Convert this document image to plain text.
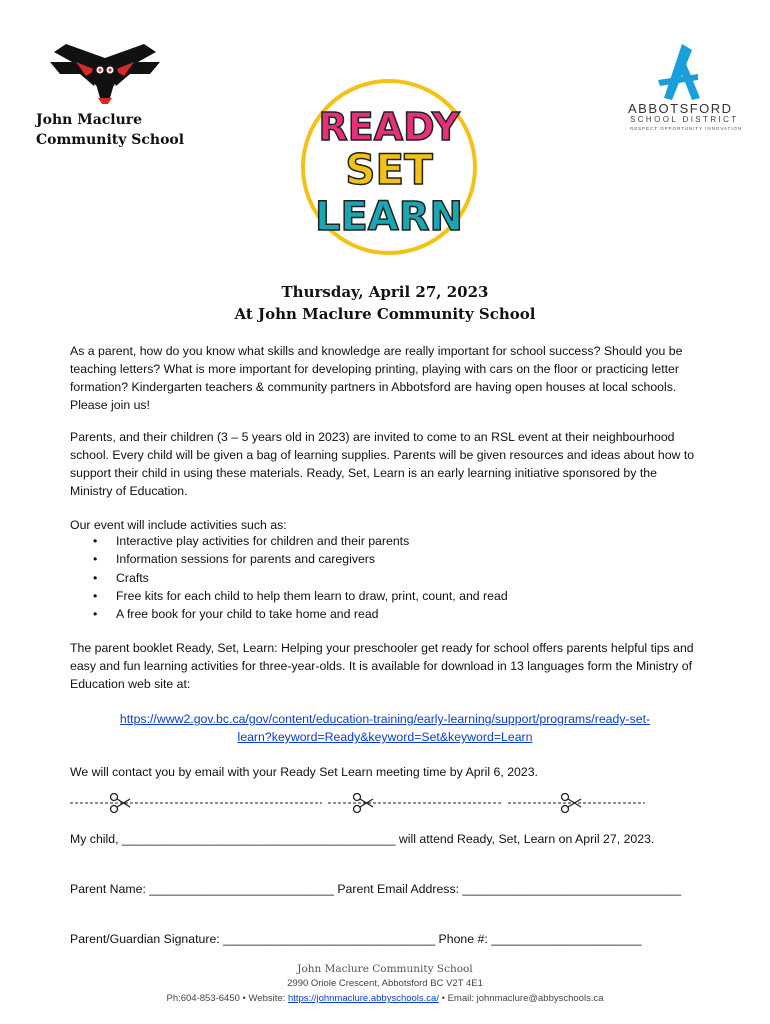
John Maclure
Community School	READY
SET
LEARN
ABBOTSFORD
SCHOOL DISTRICT
RESPECT OPPORTUNITY INNOVATION
Thursday, April 27, 2023
At John Maclure Community School
As a parent, how do you know what skills and knowledge are really important for school success? Should you be teaching letters? What is more important for developing printing, playing with cars on the floor or practicing letter formation? Kindergarten teachers & community partners in Abbotsford are having open houses at local schools. Please join us!
Parents, and their children (3 – 5 years old in 2023) are invited to come to an RSL event at their neighbourhood school. Every child will be given a bag of learning supplies. Parents will be given resources and ideas about how to support their child in using these materials. Ready, Set, Learn is an early learning initiative sponsored by the Ministry of Education.
Our event will include activities such as:
• Interactive play activities for children and their parents
• Information sessions for parents and caregivers
• Crafts
• Free kits for each child to help them learn to draw, print, count, and read
• A free book for your child to take home and read
The parent booklet Ready, Set, Learn: Helping your preschooler get ready for school offers parents helpful tips and easy and fun learning activities for three-year-olds. It is available for download in 13 languages form the Ministry of Education web site at:
https://www2.gov.bc.ca/gov/content/education-training/early-learning/support/programs/ready-set-
learn?keyword=Ready&keyword=Set&keyword=Learn
We will contact you by email with your Ready Set Learn meeting time by April 6, 2023.
My child, ________________________________________ will attend Ready, Set, Learn on April 27, 2023.
Parent Name: ___________________________ Parent Email Address: ________________________________
Parent/Guardian Signature: _______________________________ Phone #: ______________________
John Maclure Community School
2990 Oriole Crescent, Abbotsford BC V2T 4E1
Ph:604-853-6450 • Website: https://johnmaclure.abbyschools.ca/ • Email: johnmaclure@abbyschools.ca
